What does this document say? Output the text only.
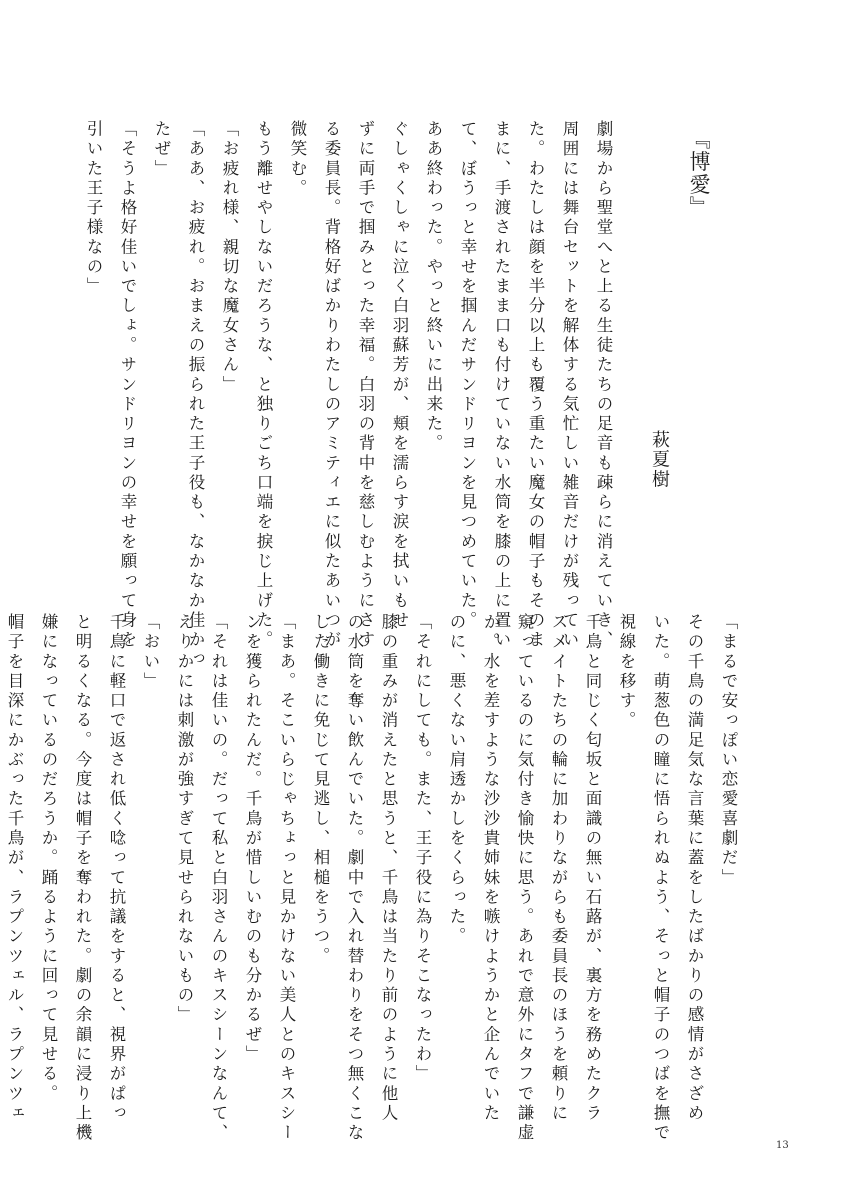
『博愛』
萩夏樹
劇場から聖堂へと上る生徒たちの足音も疎らに消えていき、
周囲には舞台セットを解体する気忙しい雑音だけが残ってい
た。わたしは顔を半分以上も覆う重たい魔女の帽子もそのま
まに、手渡されたまま口も付けていない水筒を膝の上に置い
て、ぼうっと幸せを掴んだサンドリヨンを見つめていた。
ああ終わった。やっと終いに出来た。
ぐしゃくしゃに泣く白羽蘇芳が、頬を濡らす涙を拭いもせ
ずに両手で掴みとった幸福。白羽の背中を慈しむようにさす
る委員長。背格好ばかりわたしのアミティエに似たあいつが
微笑む。
もう離せやしないだろうな、と独りごち口端を捩じ上げた。
「お疲れ様、親切な魔女さん」
「ああ、お疲れ。おまえの振られた王子役も、なかなか佳かっ
たぜ」
「そうよ格好佳いでしょ。サンドリヨンの幸せを願って身を
引いた王子様なの」
「まるで安っぽい恋愛喜劇だ」
その千鳥の満足気な言葉に蓋をしたばかりの感情がさざめ
いた。萌葱色の瞳に悟られぬよう、そっと帽子のつばを撫で
視線を移す。
千鳥と同じく匂坂と面識の無い石蕗が、裏方を務めたクラ
スメイトたちの輪に加わりながらも委員長のほうを頼りに
窺っているのに気付き愉快に思う。あれで意外にタフで謙虚
か。水を差すような沙沙貴姉妹を嗾けようかと企んでいた
のに、悪くない肩透かしをくらった。
「それにしても。また、王子役に為りそこなったわ」
膝の重みが消えたと思うと、千鳥は当たり前のように他人
の水筒を奪い飲んでいた。劇中で入れ替わりをそつ無くこな
した働きに免じて見逃し、相槌をうつ。
「まあ。そこいらじゃちょっと見かけない美人とのキスシー
ンを獲られたんだ。千鳥が惜しいむのも分かるぜ」
「それは佳いの。だって私と白羽さんのキスシーンなんて、
えりかには刺激が強すぎて見せられないもの」
「おい」
千鳥に軽口で返され低く唸って抗議をすると、視界がぱっ
と明るくなる。今度は帽子を奪われた。劇の余韻に浸り上機
嫌になっているのだろうか。踊るように回って見せる。
帽子を目深にかぶった千鳥が、ラプンツェル、ラプンツェ
13
